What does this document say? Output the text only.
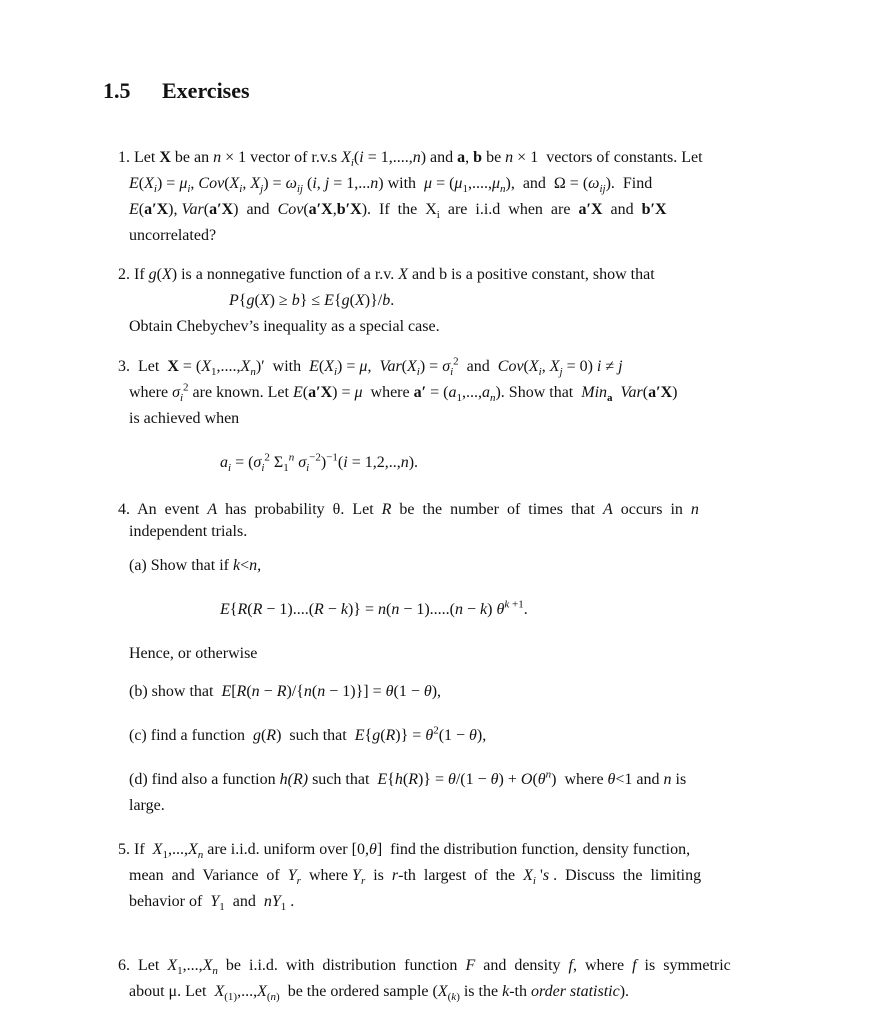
1.5 Exercises

1. Let X be an n × 1 vector of r.v.s $X_i(i = 1,....,n)$ and a, b be n × 1  vectors of constants. Let

$E(X_i) = \mu_i$, $Cov(X_i$, $X_j) = \omega_{ij}$ (i, j = 1,...n) with  $\mu = (\mu_1,....,\mu_n)$,  and  $\Omega = (\omega_{ij})$.  Find

E(a′X), Var(a′X)  and  Cov(a′X,b′X).  If  the  $X_i$  are  i.i.d  when  are  a′X  and  b′X

uncorrelated?

2. If g(X) is a nonnegative function of a r.v. X and b is a positive constant, show that

P{g(X) ≥ b} ≤ E{g(X)}/b.

Obtain Chebychev’s inequality as a special case.

3.  Let  $X = (X_1,....,X_n)'$  with  $E(X_i) = \mu$,  $Var(X_i) = \sigma_i^2$  and  $Cov(X_i$, $X_j = 0$) i ≠ j

where $\sigma_i^2$ are known. Let E(a′X) = μ  where $a' = (a_1,...,a_n)$. Show that  Min$_a$ Var(a′X)

is achieved when

$a_i = (\sigma_i^2$ $\Sigma_1^n$ $\sigma_i^{-2})^{-1}(i = 1,2,..,n)$.

4.  An  event  A  has  probability  θ.  Let  R  be  the  number  of  times  that  A  occurs  in  n

independent trials.

(a) Show that if k<n,

E{R(R − 1)....(R − k)} = n(n − 1).....(n − k) $\theta^{k +1}$.

Hence, or otherwise

(b) show that  E[R(n − R)/{n(n − 1)}] = θ(1 − θ),

(c) find a function  g(R)  such that  $E\{g(R)\} = \theta^2(1 - \theta)$,

(d) find also a function h(R) such that  $E\{h(R)\} = \theta/(1 - \theta) + O(\theta^n)$  where θ<1 and n is

large.

5. If  $X_1,...,X_n$ are i.i.d. uniform over [0,θ]  find the distribution function, density function,

mean  and  Variance  of  $Y_r$  where $Y_r$  is  r-th  largest  of  the  $X_i$ 's .  Discuss  the  limiting

behavior of  $Y_1$  and  $nY_1$ .

6.  Let  $X_1,...,X_n$  be  i.i.d.  with  distribution  function  F  and  density  f,  where  f  is  symmetric

about μ. Let  $X_{(1)},...,X_{(n)}$  be the ordered sample ($X_{(k)}$ is the k-th order statistic).
